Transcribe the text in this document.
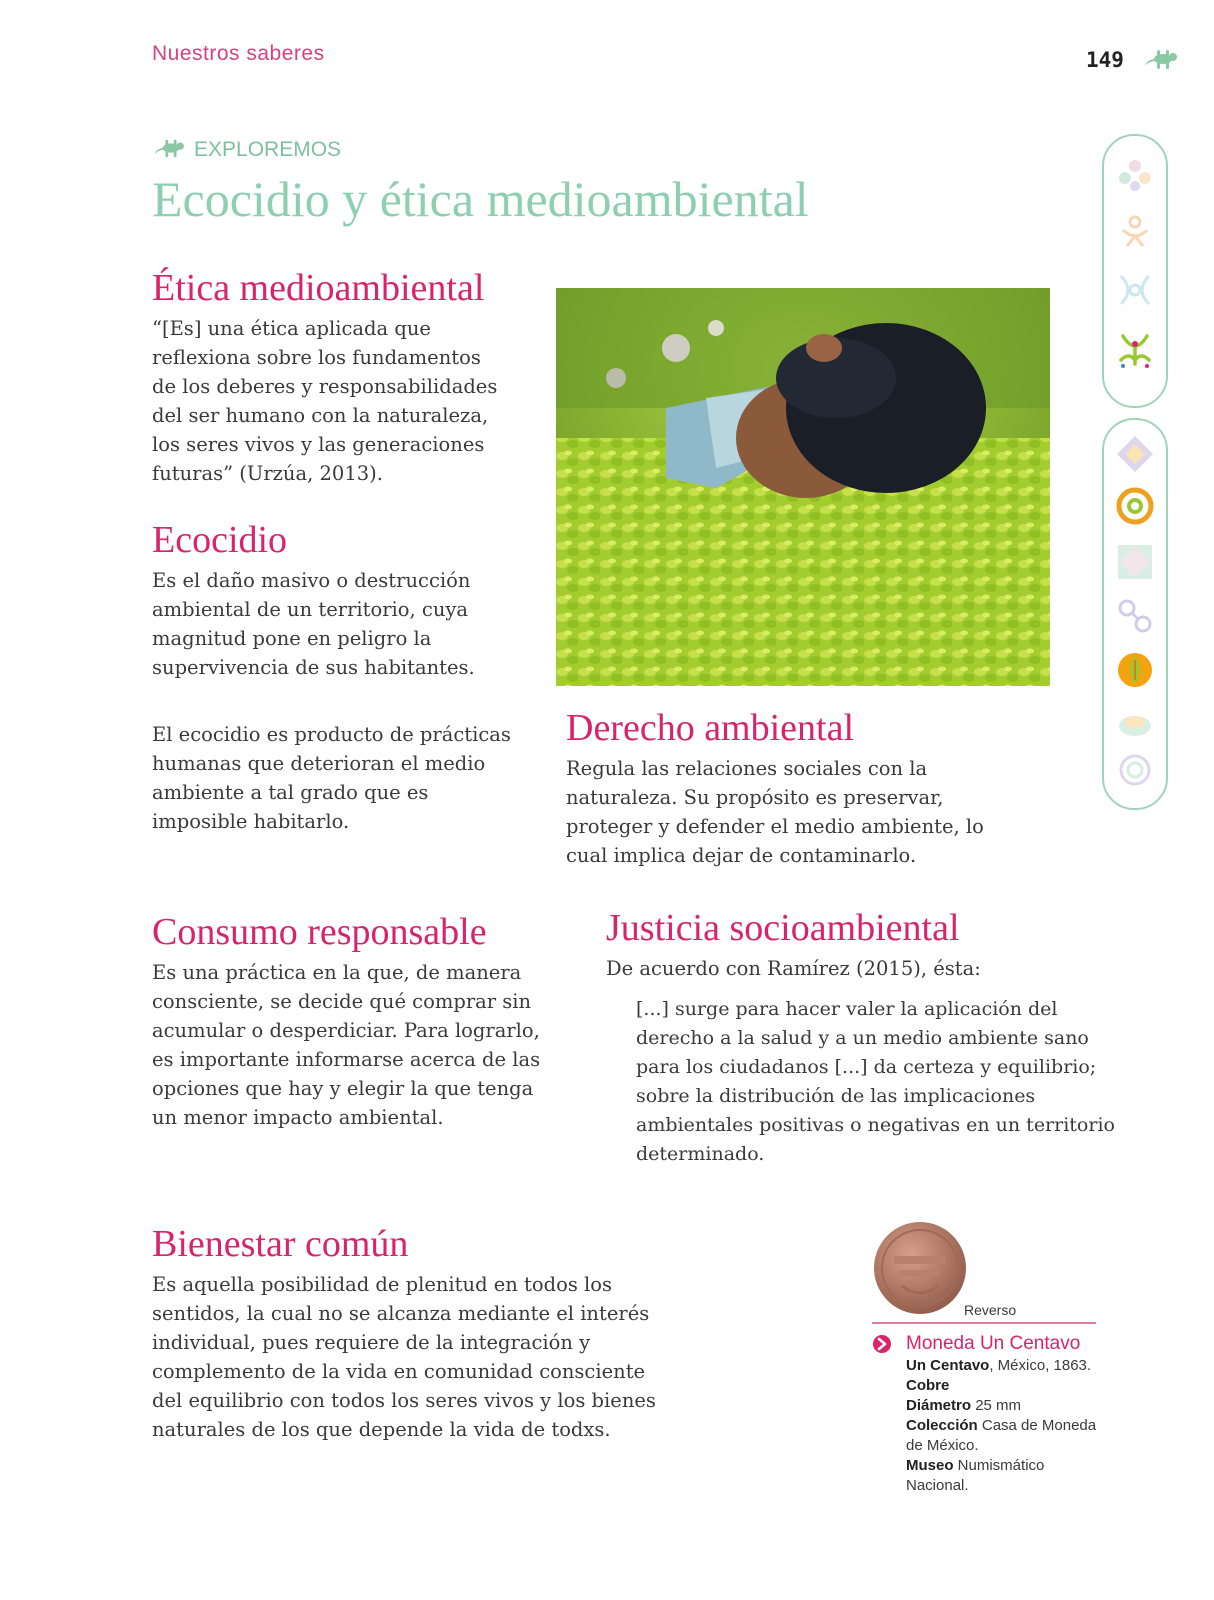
Nuestros saberes	149
EXPLOREMOS
Ecocidio y ética medioambiental
Ética medioambiental

“[Es] una ética aplicada que

reflexiona sobre los fundamentos

de los deberes y responsabilidades

del ser humano con la naturaleza,

los seres vivos y las generaciones

futuras” (Urzúa, 2013).

Ecocidio

Es el daño masivo o destrucción

ambiental de un territorio, cuya

magnitud pone en peligro la

supervivencia de sus habitantes.

El ecocidio es producto de prácticas

humanas que deterioran el medio

ambiente a tal grado que es

imposible habitarlo.

Derecho ambiental

Regula las relaciones sociales con la

naturaleza. Su propósito es preservar,

proteger y defender el medio ambiente, lo

cual implica dejar de contaminarlo.

Consumo responsable

Es una práctica en la que, de manera

consciente, se decide qué comprar sin

acumular o desperdiciar. Para lograrlo,

es importante informarse acerca de las

opciones que hay y elegir la que tenga

un menor impacto ambiental.

Justicia socioambiental

De acuerdo con Ramírez (2015), ésta:

[...] surge para hacer valer la aplicación del

derecho a la salud y a un medio ambiente sano

para los ciudadanos [...] da certeza y equilibrio;

sobre la distribución de las implicaciones

ambientales positivas o negativas en un territorio

determinado.

Bienestar común

Es aquella posibilidad de plenitud en todos los

sentidos, la cual no se alcanza mediante el interés

individual, pues requiere de la integración y

complemento de la vida en comunidad consciente

del equilibrio con todos los seres vivos y los bienes

naturales de los que depende la vida de todxs.

Reverso
Moneda Un Centavo
Un Centavo, México, 1863.
Cobre
Diámetro 25 mm
Colección Casa de Moneda
de México.
Museo Numismático
Nacional.
